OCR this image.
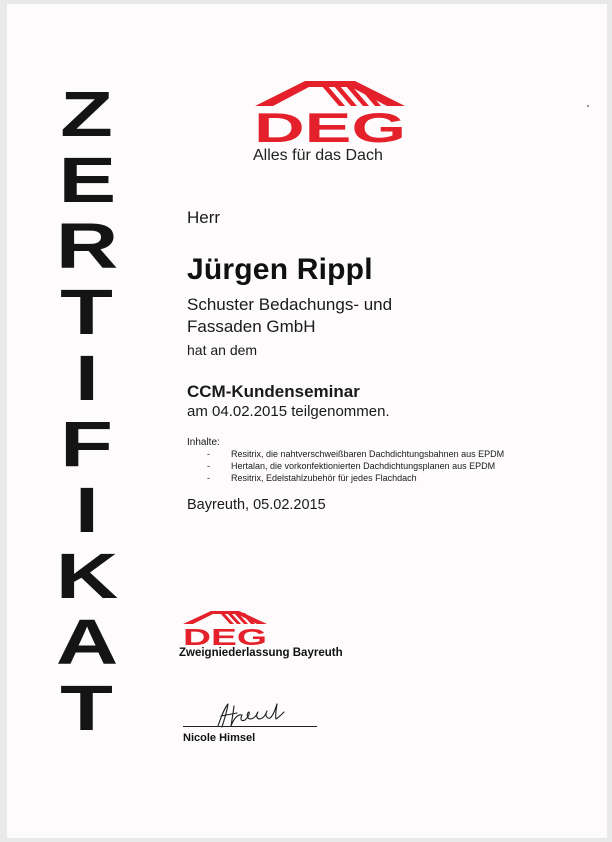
Z
E
R
T
I
F
I
K
A
T
DEG
Alles für das Dach
Herr
Jürgen Rippl
Schuster Bedachungs- und
Fassaden GmbH
hat an dem
CCM-Kundenseminar
am 04.02.2015 teilgenommen.
Inhalte:
- Resitrix, die nahtverschweißbaren Dachdichtungsbahnen aus EPDM
- Hertalan, die vorkonfektionierten Dachdichtungsplanen aus EPDM
- Resitrix, Edelstahlzubehör für jedes Flachdach
Bayreuth, 05.02.2015
DEG
Zweigniederlassung Bayreuth
Nicole Himsel
